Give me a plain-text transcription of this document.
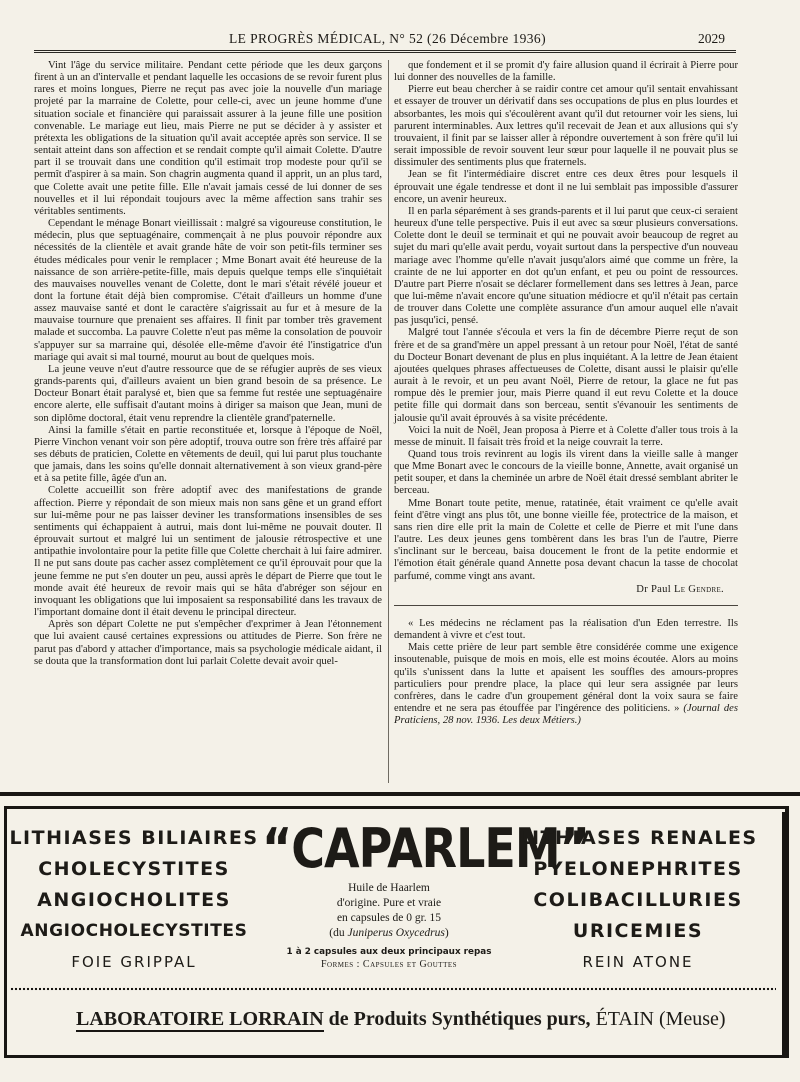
LE PROGRÈS MÉDICAL, N° 52 (26 Décembre 1936)	2029

Vint l'âge du service militaire. Pendant cette période que les deux garçons firent à un an d'intervalle et pendant laquelle les occasions de se revoir furent plus rares et moins longues, Pierre ne reçut pas avec joie la nouvelle d'un mariage projeté par la marraine de Colette, pour celle-ci, avec un jeune homme d'une situation sociale et financière qui paraissait assurer à la jeune fille une position convenable. Le mariage eut lieu, mais Pierre ne put se décider à y assister et prétexta les obligations de la situation qu'il avait acceptée après son service. Il se sentait atteint dans son affection et se rendait compte qu'il aimait Colette. D'autre part il se trouvait dans une condition qu'il estimait trop modeste pour qu'il se permît d'aspirer à sa main. Son chagrin augmenta quand il apprit, un an plus tard, que Colette avait une petite fille. Elle n'avait jamais cessé de lui donner de ses nouvelles et il lui répondait toujours avec la même affection sans trahir ses véritables sentiments.

Cependant le ménage Bonart vieillissait : malgré sa vigoureuse constitution, le médecin, plus que septuagénaire, commençait à ne plus pouvoir répondre aux nécessités de la clientèle et avait grande hâte de voir son petit-fils terminer ses études médicales pour venir le remplacer ; Mme Bonart avait été heureuse de la naissance de son arrière-petite-fille, mais depuis quelque temps elle s'inquiétait des mauvaises nouvelles venant de Colette, dont le mari s'était révélé joueur et dont la fortune était déjà bien compromise. C'était d'ailleurs un homme d'une assez mauvaise santé et dont le caractère s'aigrissait au fur et à mesure de la mauvaise tournure que prenaient ses affaires. Il finit par tomber très gravement malade et succomba. La pauvre Colette n'eut pas même la consolation de pouvoir s'appuyer sur sa marraine qui, désolée elle-même d'avoir été l'instigatrice d'un mariage qui avait si mal tourné, mourut au bout de quelques mois.

La jeune veuve n'eut d'autre ressource que de se réfugier auprès de ses vieux grands-parents qui, d'ailleurs avaient un bien grand besoin de sa présence. Le Docteur Bonart était paralysé et, bien que sa femme fut restée une septuagénaire encore alerte, elle suffisait d'autant moins à diriger sa maison que Jean, muni de son diplôme doctoral, était venu reprendre la clientèle grand'paternelle.

Ainsi la famille s'était en partie reconstituée et, lorsque à l'époque de Noël, Pierre Vinchon venant voir son père adoptif, trouva outre son frère très affairé par ses débuts de praticien, Colette en vêtements de deuil, qui lui parut plus touchante que jamais, dans les soins qu'elle donnait alternativement à son vieux grand-père et à sa petite fille, âgée d'un an.

Colette accueillit son frère adoptif avec des manifestations de grande affection. Pierre y répondait de son mieux mais non sans gêne et un grand effort sur lui-même pour ne pas laisser deviner les transformations insensibles de ses sentiments qui échappaient à autrui, mais dont lui-même ne pouvait douter. Il éprouvait surtout et malgré lui un sentiment de jalousie rétrospective et une antipathie involontaire pour la petite fille que Colette cherchait à lui faire admirer. Il ne put sans doute pas cacher assez complètement ce qu'il éprouvait pour que la jeune femme ne put s'en douter un peu, aussi après le départ de Pierre que tout le monde avait été heureux de revoir mais qui se hâta d'abréger son séjour en invoquant les obligations que lui imposaient sa responsabilité dans les travaux de l'important domaine dont il était devenu le principal directeur.

Après son départ Colette ne put s'empêcher d'exprimer à Jean l'étonnement que lui avaient causé certaines expressions ou attitudes de Pierre. Son frère ne parut pas d'abord y attacher d'importance, mais sa psychologie médicale aidant, il se douta que la transformation dont lui parlait Colette devait avoir quel-

que fondement et il se promit d'y faire allusion quand il écrirait à Pierre pour lui donner des nouvelles de la famille.

Pierre eut beau chercher à se raidir contre cet amour qu'il sentait envahissant et essayer de trouver un dérivatif dans ses occupations de plus en plus lourdes et absorbantes, les mois qui s'écoulèrent avant qu'il dut retourner voir les siens, lui parurent interminables. Aux lettres qu'il recevait de Jean et aux allusions qui s'y trouvaient, il finit par se laisser aller à répondre ouvertement à son frère qu'il lui serait impossible de revoir souvent leur sœur pour laquelle il ne pouvait plus se dissimuler des sentiments plus que fraternels.

Jean se fit l'intermédiaire discret entre ces deux êtres pour lesquels il éprouvait une égale tendresse et dont il ne lui semblait pas impossible d'assurer encore, un avenir heureux.

Il en parla séparément à ses grands-parents et il lui parut que ceux-ci seraient heureux d'une telle perspective. Puis il eut avec sa sœur plusieurs conversations. Colette dont le deuil se terminait et qui ne pouvait avoir beaucoup de regret au sujet du mari qu'elle avait perdu, voyait surtout dans la perspective d'un nouveau mariage avec l'homme qu'elle n'avait jusqu'alors aimé que comme un frère, la crainte de ne lui apporter en dot qu'un enfant, et peu ou point de ressources. D'autre part Pierre n'osait se déclarer formellement dans ses lettres à Jean, parce que lui-même n'avait encore qu'une situation médiocre et qu'il n'était pas certain de trouver dans Colette une complète assurance d'un amour auquel elle n'avait pas jusqu'ici, pensé.

Malgré tout l'année s'écoula et vers la fin de décembre Pierre reçut de son frère et de sa grand'mère un appel pressant à un retour pour Noël, l'état de santé du Docteur Bonart devenant de plus en plus inquiétant. A la lettre de Jean étaient ajoutées quelques phrases affectueuses de Colette, disant aussi le plaisir qu'elle aurait à le revoir, et un peu avant Noël, Pierre de retour, la glace ne fut pas rompue dès le premier jour, mais Pierre quand il eut revu Colette et la douce petite fille qui dormait dans son berceau, sentit s'évanouir les sentiments de jalousie qu'il avait éprouvés à sa visite précédente.

Voici la nuit de Noël, Jean proposa à Pierre et à Colette d'aller tous trois à la messe de minuit. Il faisait très froid et la neige couvrait la terre.

Quand tous trois revinrent au logis ils virent dans la vieille salle à manger que Mme Bonart avec le concours de la vieille bonne, Annette, avait organisé un petit souper, et dans la cheminée un arbre de Noël était dressé semblant abriter le berceau.

Mme Bonart toute petite, menue, ratatinée, était vraiment ce qu'elle avait feint d'être vingt ans plus tôt, une bonne vieille fée, protectrice de la maison, et sans rien dire elle prit la main de Colette et celle de Pierre et mit l'une dans l'autre. Les deux jeunes gens tombèrent dans les bras l'un de l'autre, Pierre s'inclinant sur le berceau, baisa doucement le front de la petite endormie et l'émotion était générale quand Annette posa devant chacun la tasse de chocolat parfumé, comme vingt ans avant.

Dr Paul Le Gendre.

« Les médecins ne réclament pas la réalisation d'un Eden terrestre. Ils demandent à vivre et c'est tout.

Mais cette prière de leur part semble être considérée comme une exigence insoutenable, puisque de mois en mois, elle est moins écoutée. Alors au moins qu'ils s'unissent dans la lutte et apaisent les souffles des amours-propres particuliers pour prendre place, la place qui leur sera assignée par leurs confrères, dans le cadre d'un groupement général dont la voix saura se faire entendre et ne sera pas étouffée par l'ingérence des politiciens. » (Journal des Praticiens, 28 nov. 1936. Les deux Métiers.)

LITHIASES BILIAIRES
CHOLECYSTITES
ANGIOCHOLITES
ANGIOCHOLECYSTITES
FOIE GRIPPAL
“CAPARLEM”
Huile de Haarlem
d'origine. Pure et vraie
en capsules de 0 gr. 15
(du Juniperus Oxycedrus)
1 à 2 capsules aux deux principaux repas
Formes : Capsules et Gouttes
LITHIASES RENALES
PYELONEPHRITES
COLIBACILLURIES
URICEMIES
REIN ATONE
LABORATOIRE LORRAIN de Produits Synthétiques purs, ÉTAIN (Meuse)
